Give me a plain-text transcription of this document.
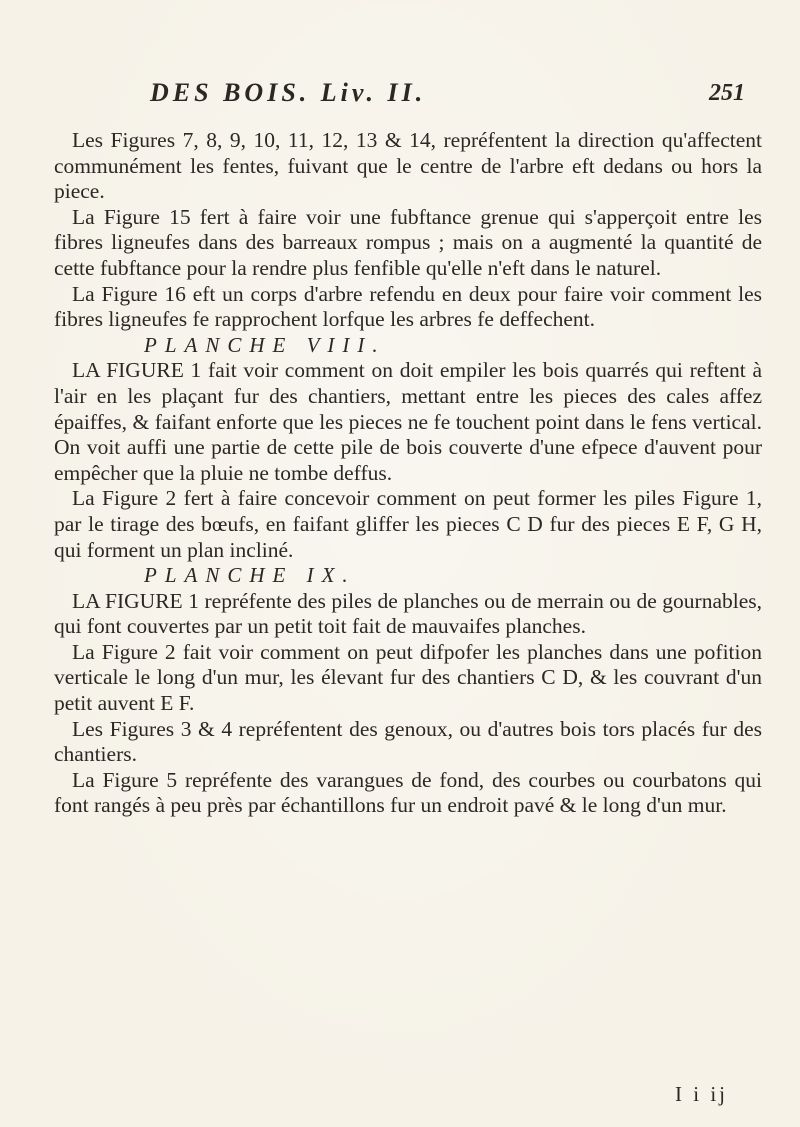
DES BOIS. Liv. II.	251

Les Figures 7, 8, 9, 10, 11, 12, 13 & 14, repréfentent la direction qu'affectent communément les fentes, fuivant que le centre de l'arbre eft dedans ou hors la piece.

La Figure 15 fert à faire voir une fubftance grenue qui s'apperçoit entre les fibres ligneufes dans des barreaux rompus ; mais on a augmenté la quantité de cette fubftance pour la rendre plus fenfible qu'elle n'eft dans le naturel.

La Figure 16 eft un corps d'arbre refendu en deux pour faire voir comment les fibres ligneufes fe rapprochent lorfque les arbres fe deffechent.

PLANCHE VIII.

LA FIGURE 1 fait voir comment on doit empiler les bois quarrés qui reftent à l'air en les plaçant fur des chantiers, mettant entre les pieces des cales affez épaiffes, & faifant enforte que les pieces ne fe touchent point dans le fens vertical. On voit auffi une partie de cette pile de bois couverte d'une efpece d'auvent pour empêcher que la pluie ne tombe deffus.

La Figure 2 fert à faire concevoir comment on peut former les piles Figure 1, par le tirage des bœufs, en faifant gliffer les pieces C D fur des pieces E F, G H, qui forment un plan incliné.

PLANCHE IX.

LA FIGURE 1 repréfente des piles de planches ou de merrain ou de gournables, qui font couvertes par un petit toit fait de mauvaifes planches.

La Figure 2 fait voir comment on peut difpofer les planches dans une pofition verticale le long d'un mur, les élevant fur des chantiers C D, & les couvrant d'un petit auvent E F.

Les Figures 3 & 4 repréfentent des genoux, ou d'autres bois tors placés fur des chantiers.

La Figure 5 repréfente des varangues de fond, des courbes ou courbatons qui font rangés à peu près par échantillons fur un endroit pavé & le long d'un mur.

I i ij
